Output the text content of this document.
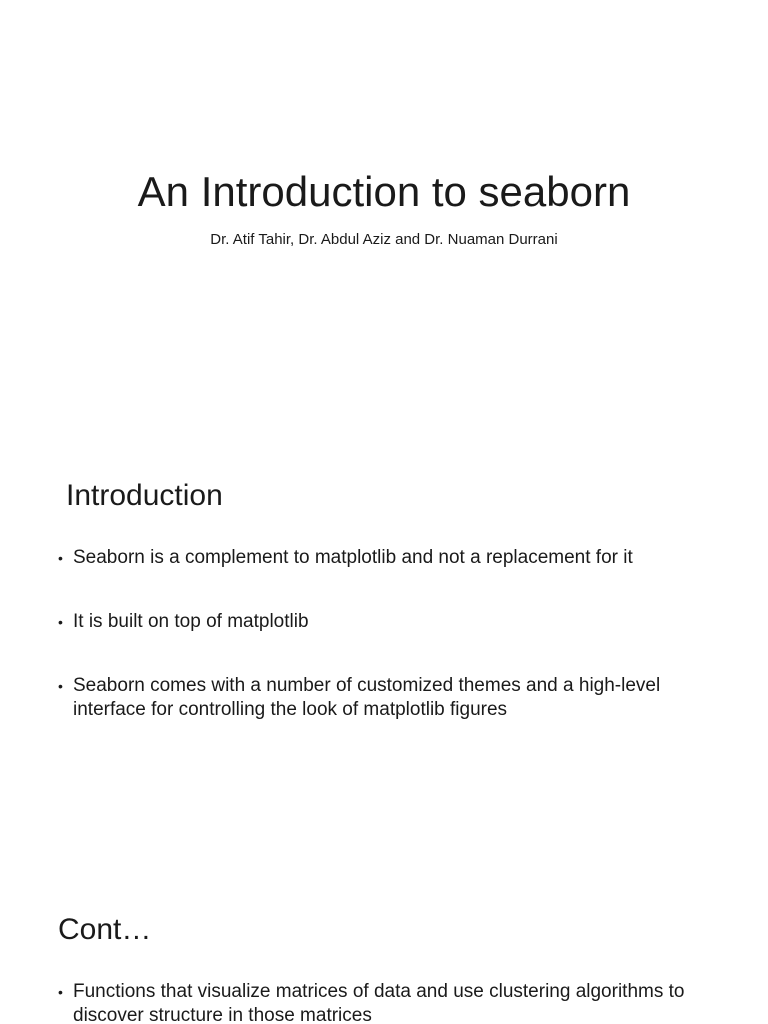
An Introduction to seaborn
Dr. Atif Tahir, Dr. Abdul Aziz and Dr. Nuaman Durrani
Introduction
• Seaborn is a complement to matplotlib and not a replacement for it
• It is built on top of matplotlib
• Seaborn comes with a number of customized themes and a high-level interface for controlling the look of matplotlib figures
Cont…
• Functions that visualize matrices of data and use clustering algorithms to discover structure in those matrices
